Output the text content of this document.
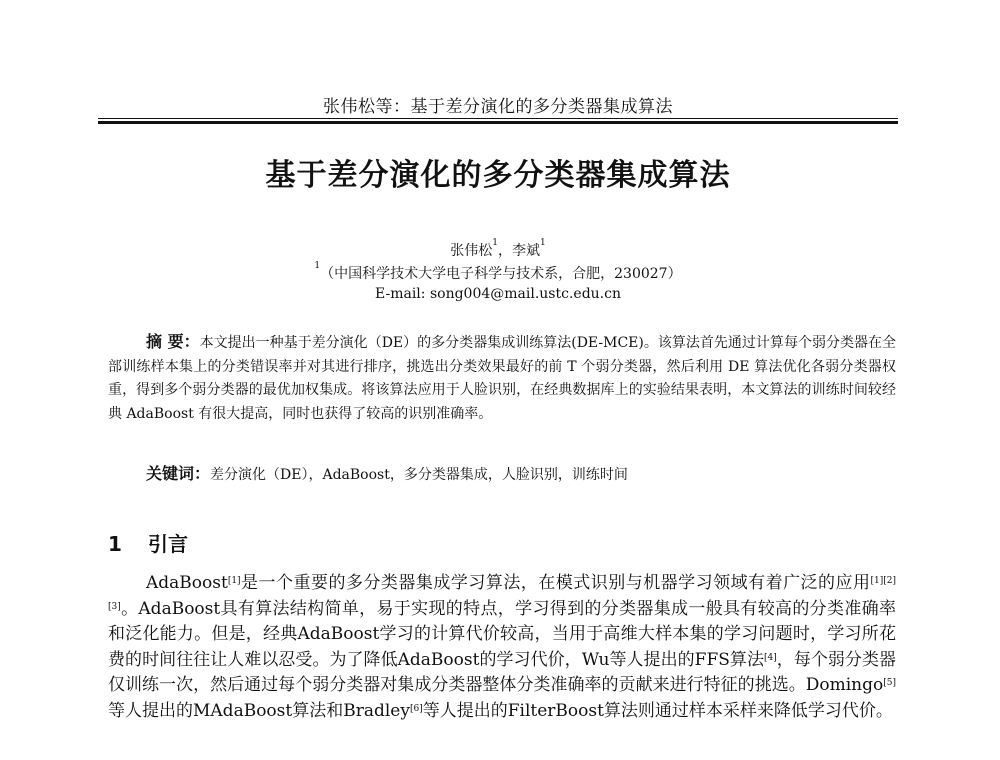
张伟松等：基于差分演化的多分类器集成算法
基于差分演化的多分类器集成算法
张伟松$^1$，李斌$^1$
$^1$（中国科学技术大学电子科学与技术系，合肥，230027）
E-mail: song004@mail.ustc.edu.cn
摘 要：本文提出一种基于差分演化（DE）的多分类器集成训练算法(DE-MCE)。该算法首先通过计算每个弱分类器在全部训练样本集上的分类错误率并对其进行排序，挑选出分类效果最好的前 T 个弱分类器，然后利用 DE 算法优化各弱分类器权重，得到多个弱分类器的最优加权集成。将该算法应用于人脸识别，在经典数据库上的实验结果表明，本文算法的训练时间较经典 AdaBoost 有很大提高，同时也获得了较高的识别准确率。
关键词：差分演化（DE），AdaBoost，多分类器集成，人脸识别，训练时间
1 引言
AdaBoost[1]是一个重要的多分类器集成学习算法，在模式识别与机器学习领域有着广泛的应用[1][2][3]。AdaBoost具有算法结构简单，易于实现的特点，学习得到的分类器集成一般具有较高的分类准确率和泛化能力。但是，经典AdaBoost学习的计算代价较高，当用于高维大样本集的学习问题时，学习所花费的时间往往让人难以忍受。为了降低AdaBoost的学习代价，Wu等人提出的FFS算法[4]，每个弱分类器仅训练一次，然后通过每个弱分类器对集成分类器整体分类准确率的贡献来进行特征的挑选。Domingo[5]等人提出的MAdaBoost算法和Bradley[6]等人提出的FilterBoost算法则通过样本采样来降低学习代价。
